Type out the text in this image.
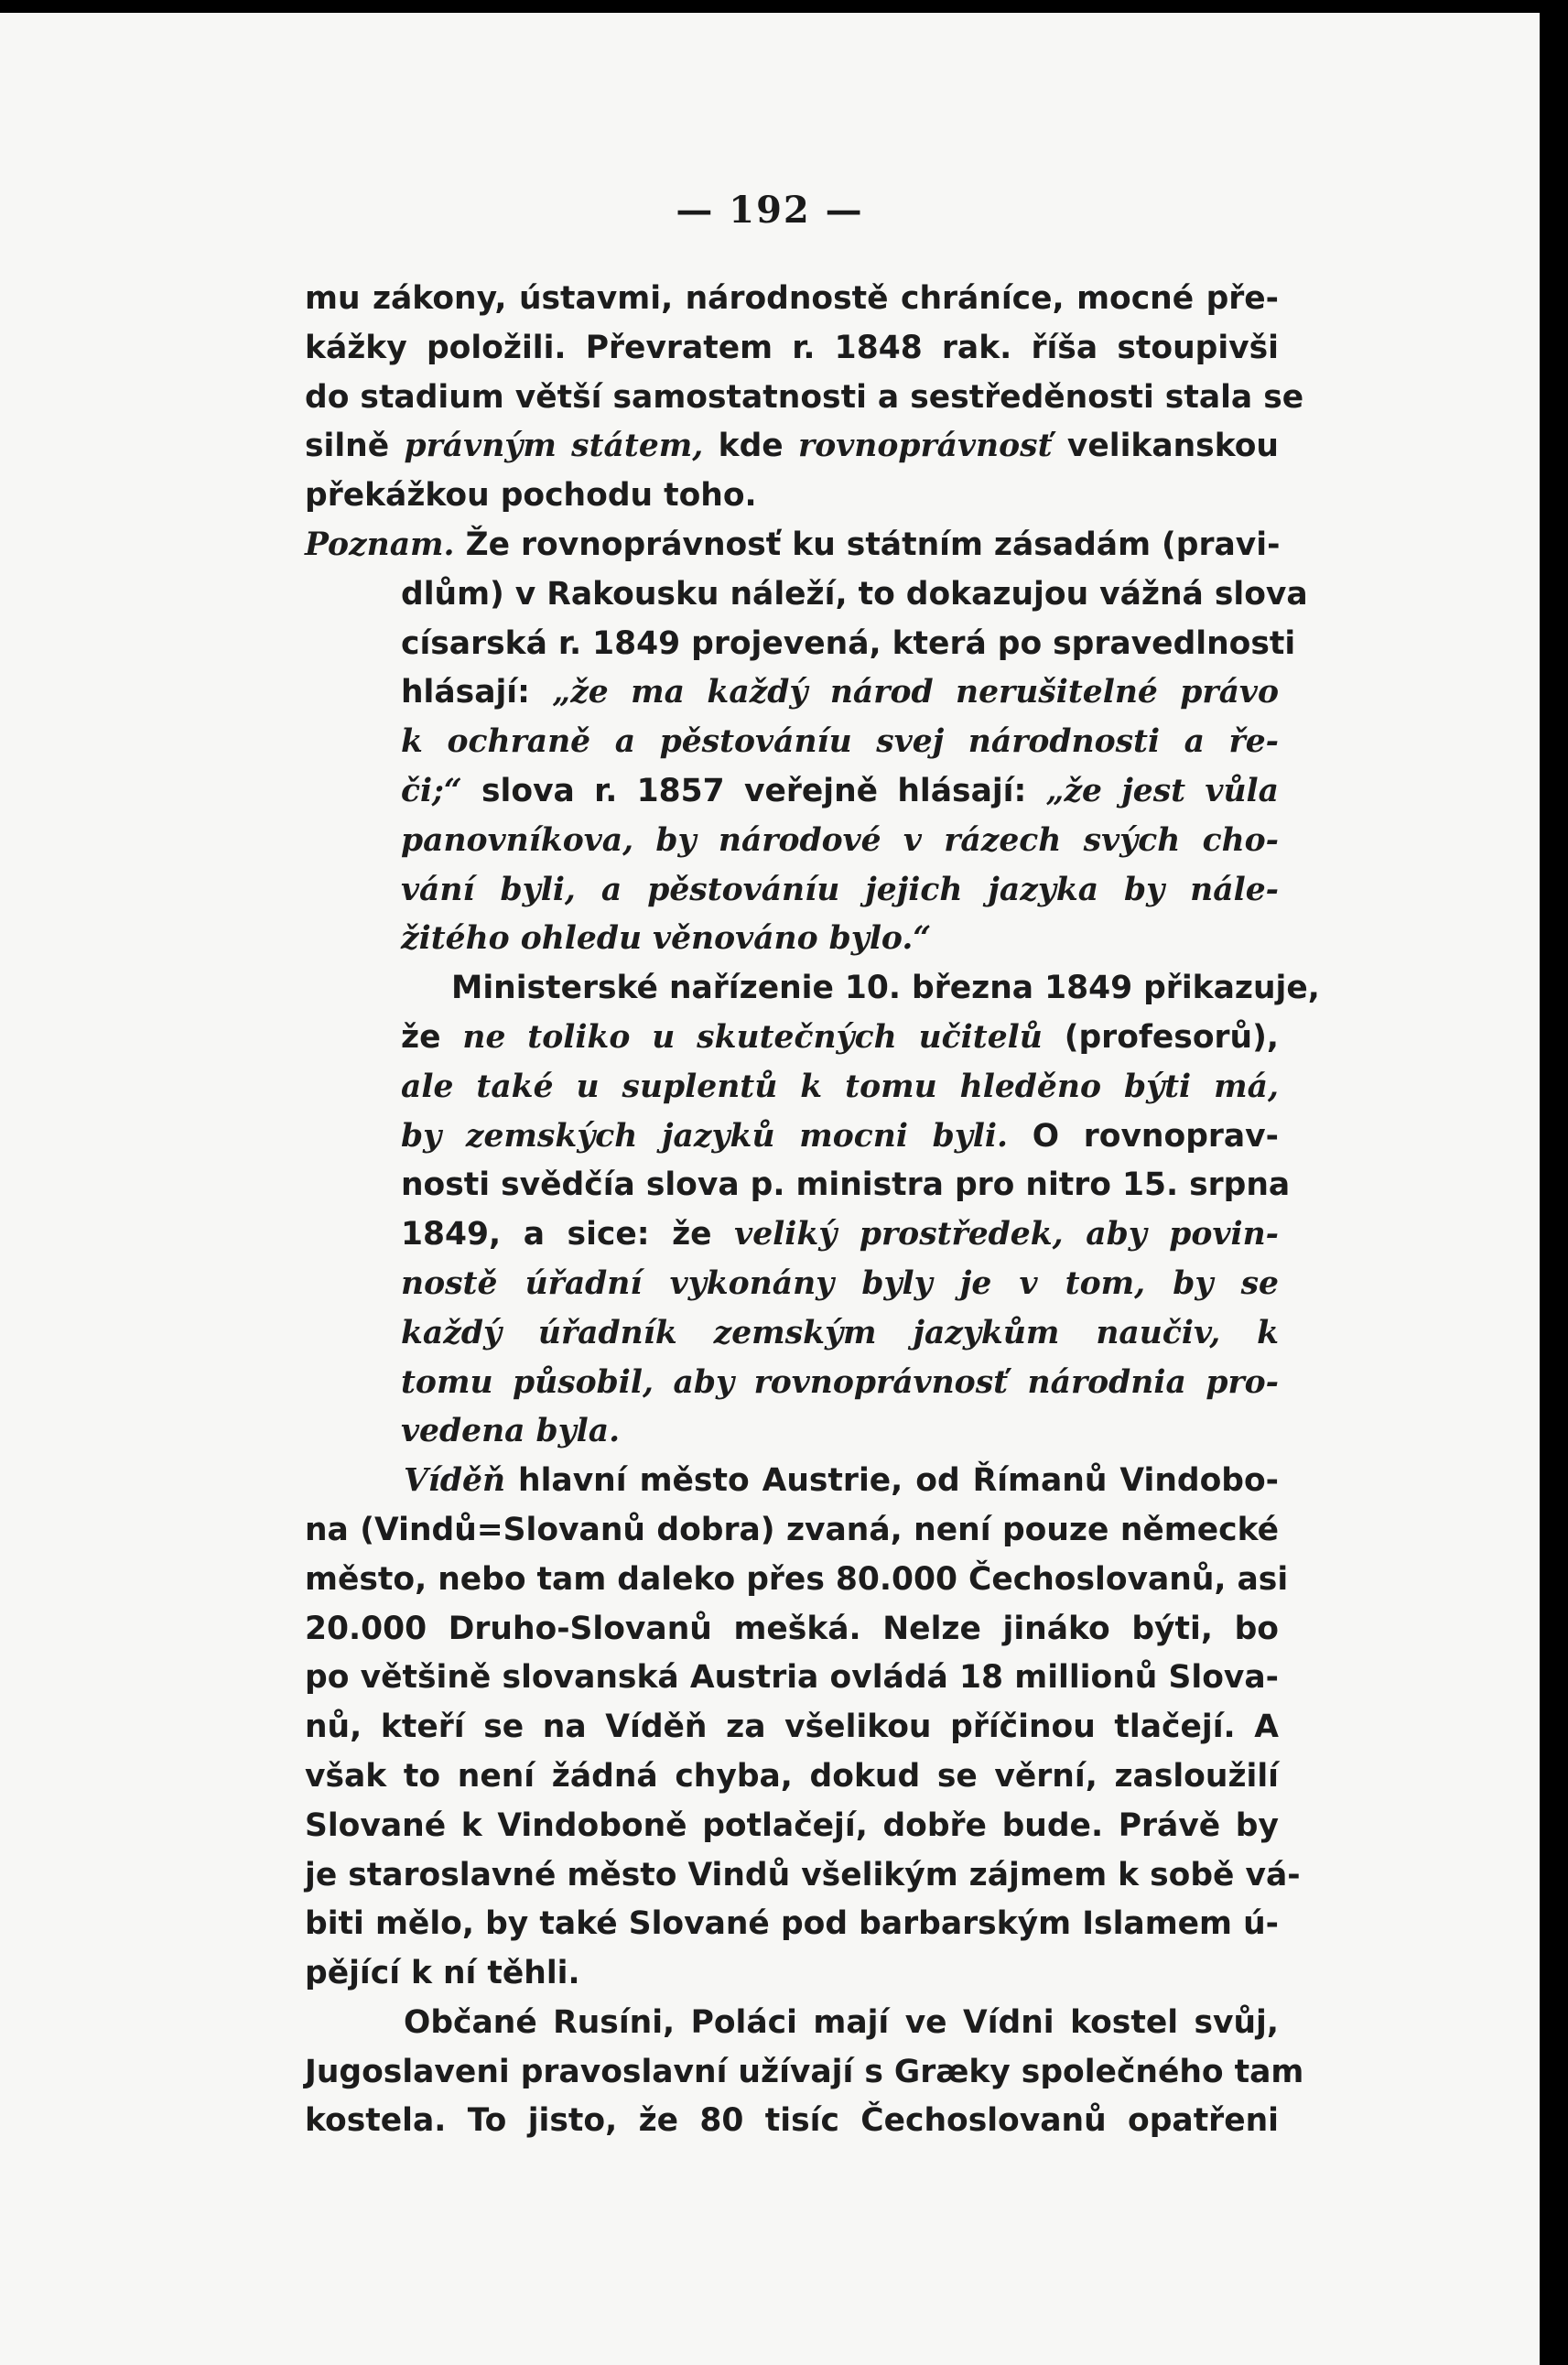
— 192 —
mu zákony, ústavmi, národnostě chráníce, mocné pře-
kážky položili. Převratem r. 1848 rak. říša stoupivši
do stadium větší samostatnosti a sestředěnosti stala se
silně právným státem, kde rovnoprávnosť velikanskou
překážkou pochodu toho.
Poznam. Že rovnoprávnosť ku státním zásadám (pravi-
dlům) v Rakousku náleží, to dokazujou vážná slova
císarská r. 1849 projevená, která po spravedlnosti
hlásají: „že ma každý národ nerušitelné právo
k ochraně a pěstováníu svej národnosti a ře-
či;“ slova r. 1857 veřejně hlásají: „že jest vůla
panovníkova, by národové v rázech svých cho-
vání byli, a pěstováníu jejich jazyka by nále-
žitého ohledu věnováno bylo.“
Ministerské nařízenie 10. března 1849 přikazuje,
že ne toliko u skutečných učitelů (profesorů),
ale také u suplentů k tomu hleděno býti má,
by zemských jazyků mocni byli. O rovnoprav-
nosti svědčía slova p. ministra pro nitro 15. srpna
1849, a sice: že veliký prostředek, aby povin-
nostě úřadní vykonány byly je v tom, by se
každý úřadník zemským jazykům naučiv, k
tomu působil, aby rovnoprávnosť národnia pro-
vedena byla.
Víděň hlavní město Austrie, od Římanů Vindobo-
na (Vindů=Slovanů dobra) zvaná, není pouze německé
město, nebo tam daleko přes 80.000 Čechoslovanů, asi
20.000 Druho-Slovanů mešká. Nelze jináko býti, bo
po většině slovanská Austria ovládá 18 millionů Slova-
nů, kteří se na Víděň za všelikou příčinou tlačejí. A
však to není žádná chyba, dokud se věrní, zasloužilí
Slované k Vindoboně potlačejí, dobře bude. Právě by
je staroslavné město Vindů všelikým zájmem k sobě vá-
biti mělo, by také Slované pod barbarským Islamem ú-
pějící k ní těhli.
Občané Rusíni, Poláci mají ve Vídni kostel svůj,
Jugoslaveni pravoslavní užívají s Græky společného tam
kostela. To jisto, že 80 tisíc Čechoslovanů opatřeni
